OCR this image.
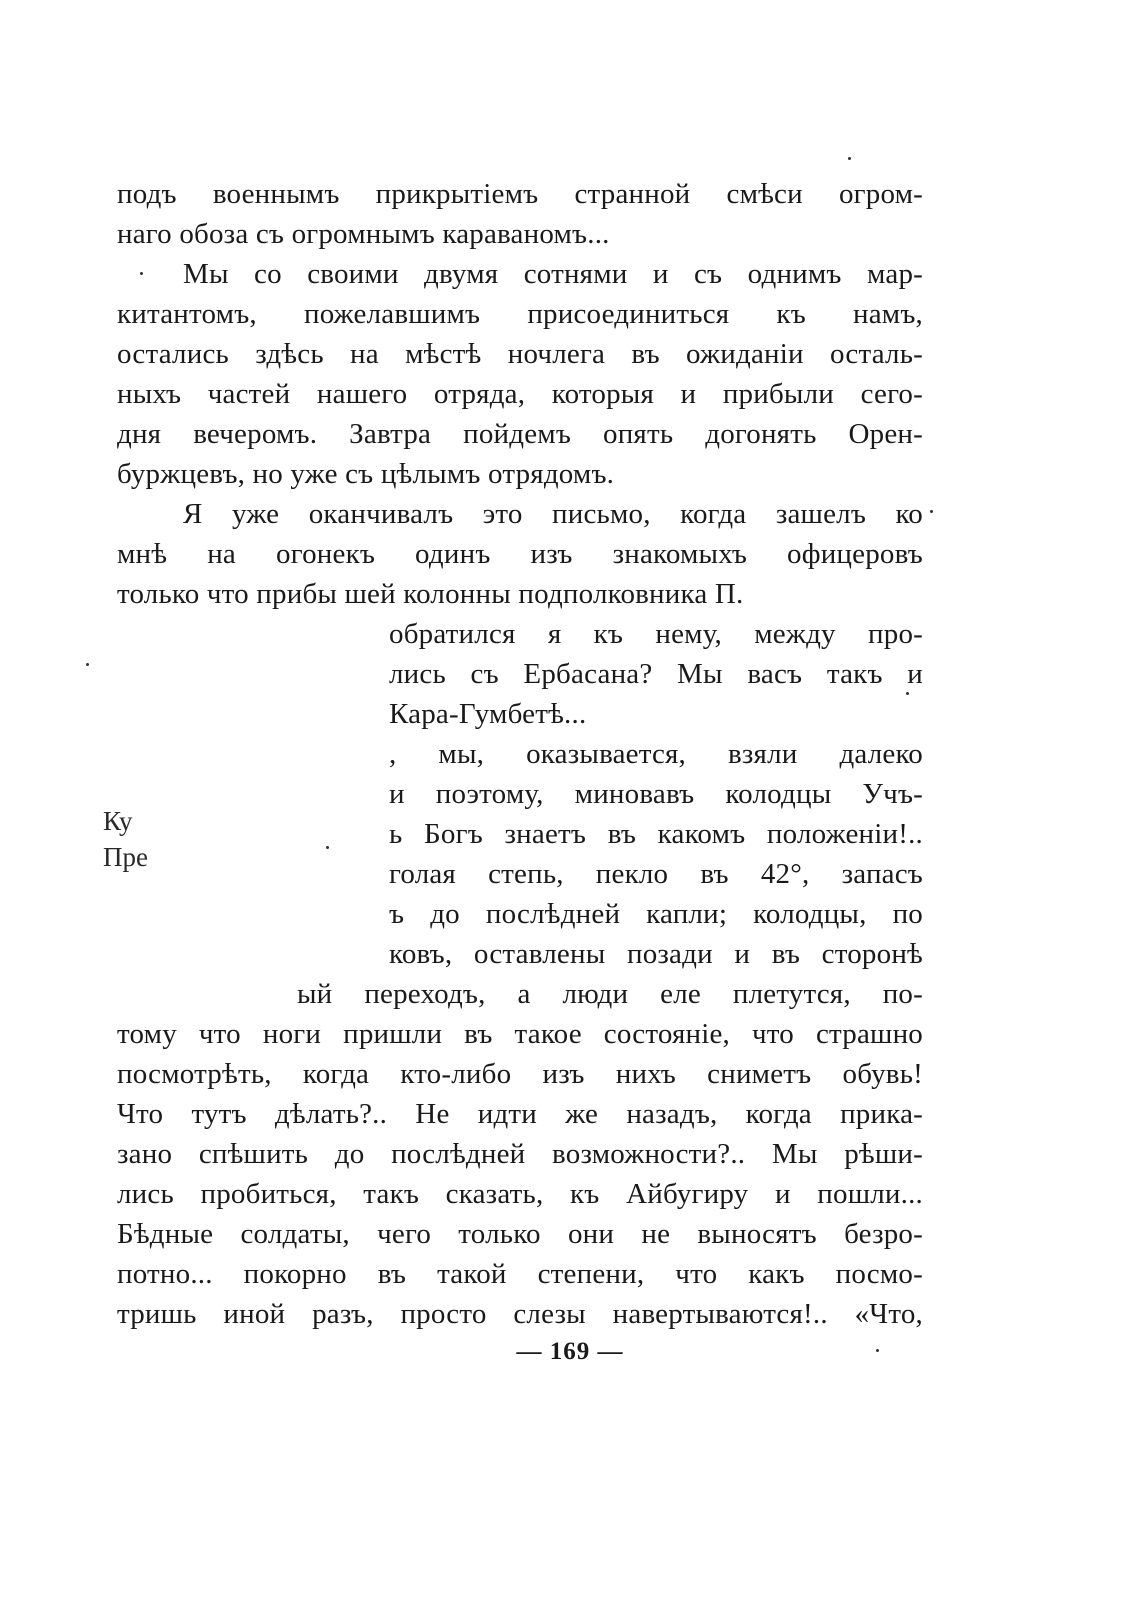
подъ военнымъ прикрытіемъ странной смѣси огром-
наго обоза съ огромнымъ караваномъ...
Мы со своими двумя сотнями и съ однимъ мар-
китантомъ, пожелавшимъ присоединиться къ намъ,
остались здѣсь на мѣстѣ ночлега въ ожиданіи осталь-
ныхъ частей нашего отряда, которыя и прибыли сего-
дня вечеромъ. Завтра пойдемъ опять догонять Орен-
буржцевъ, но уже съ цѣлымъ отрядомъ.
Я уже оканчивалъ это письмо, когда зашелъ ко
мнѣ на огонекъ одинъ изъ знакомыхъ офицеровъ
только что прибы шей колонны подполковника П.
обратился я къ нему, между про-
лись съ Ербасана? Мы васъ такъ и
Кара-Гумбетѣ...
, мы, оказывается, взяли далеко
и поэтому, миновавъ колодцы Учъ-
ь Богъ знаетъ въ какомъ положеніи!..
голая степь, пекло въ 42°, запасъ
ъ до послѣдней капли; колодцы, по
ковъ, оставлены позади и въ сторонѣ
ый переходъ, а люди еле плетутся, по-
тому что ноги пришли въ такое состояніе, что страшно
посмотрѣть, когда кто-либо изъ нихъ сниметъ обувь!
Что тутъ дѣлать?.. Не идти же назадъ, когда прика-
зано спѣшить до послѣдней возможности?.. Мы рѣши-
лись пробиться, такъ сказать, къ Айбугиру и пошли...
Бѣдные солдаты, чего только они не выносятъ безро-
потно... покорно въ такой степени, что какъ посмо-
тришь иной разъ, просто слезы навертываются!.. «Что,
Ку
Пре
— 169 —
